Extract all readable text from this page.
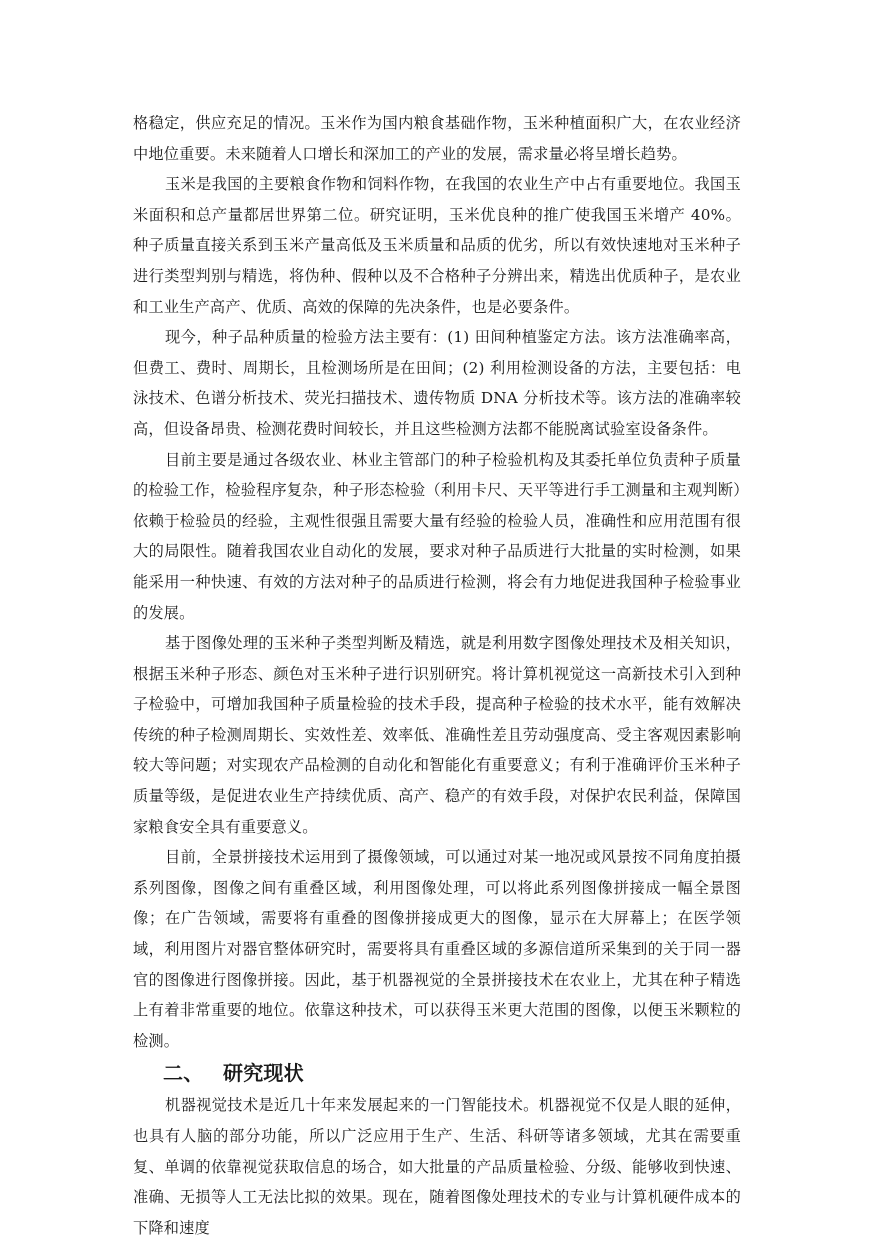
格稳定，供应充足的情况。玉米作为国内粮食基础作物，玉米种植面积广大，在农业经济中地位重要。未来随着人口增长和深加工的产业的发展，需求量必将呈增长趋势。

玉米是我国的主要粮食作物和饲料作物，在我国的农业生产中占有重要地位。我国玉米面积和总产量都居世界第二位。研究证明，玉米优良种的推广使我国玉米增产 40%。种子质量直接关系到玉米产量高低及玉米质量和品质的优劣，所以有效快速地对玉米种子进行类型判别与精选，将伪种、假种以及不合格种子分辨出来，精选出优质种子，是农业和工业生产高产、优质、高效的保障的先决条件，也是必要条件。

现今，种子品种质量的检验方法主要有：(1) 田间种植鉴定方法。该方法准确率高，但费工、费时、周期长，且检测场所是在田间；(2) 利用检测设备的方法，主要包括：电泳技术、色谱分析技术、荧光扫描技术、遗传物质 DNA 分析技术等。该方法的准确率较高，但设备昂贵、检测花费时间较长，并且这些检测方法都不能脱离试验室设备条件。

目前主要是通过各级农业、林业主管部门的种子检验机构及其委托单位负责种子质量的检验工作，检验程序复杂，种子形态检验（利用卡尺、天平等进行手工测量和主观判断）依赖于检验员的经验，主观性很强且需要大量有经验的检验人员，准确性和应用范围有很大的局限性。随着我国农业自动化的发展，要求对种子品质进行大批量的实时检测，如果能采用一种快速、有效的方法对种子的品质进行检测，将会有力地促进我国种子检验事业的发展。

基于图像处理的玉米种子类型判断及精选，就是利用数字图像处理技术及相关知识，根据玉米种子形态、颜色对玉米种子进行识别研究。将计算机视觉这一高新技术引入到种子检验中，可增加我国种子质量检验的技术手段，提高种子检验的技术水平，能有效解决传统的种子检测周期长、实效性差、效率低、准确性差且劳动强度高、受主客观因素影响较大等问题；对实现农产品检测的自动化和智能化有重要意义；有利于准确评价玉米种子质量等级，是促进农业生产持续优质、高产、稳产的有效手段，对保护农民利益，保障国家粮食安全具有重要意义。

目前，全景拼接技术运用到了摄像领域，可以通过对某一地况或风景按不同角度拍摄系列图像，图像之间有重叠区域，利用图像处理，可以将此系列图像拼接成一幅全景图像；在广告领域，需要将有重叠的图像拼接成更大的图像，显示在大屏幕上；在医学领域，利用图片对器官整体研究时，需要将具有重叠区域的多源信道所采集到的关于同一器官的图像进行图像拼接。因此，基于机器视觉的全景拼接技术在农业上，尤其在种子精选上有着非常重要的地位。依靠这种技术，可以获得玉米更大范围的图像，以便玉米颗粒的检测。

二、 研究现状

机器视觉技术是近几十年来发展起来的一门智能技术。机器视觉不仅是人眼的延伸，也具有人脑的部分功能，所以广泛应用于生产、生活、科研等诸多领域，尤其在需要重复、单调的依靠视觉获取信息的场合，如大批量的产品质量检验、分级、能够收到快速、准确、无损等人工无法比拟的效果。现在，随着图像处理技术的专业与计算机硬件成本的下降和速度
